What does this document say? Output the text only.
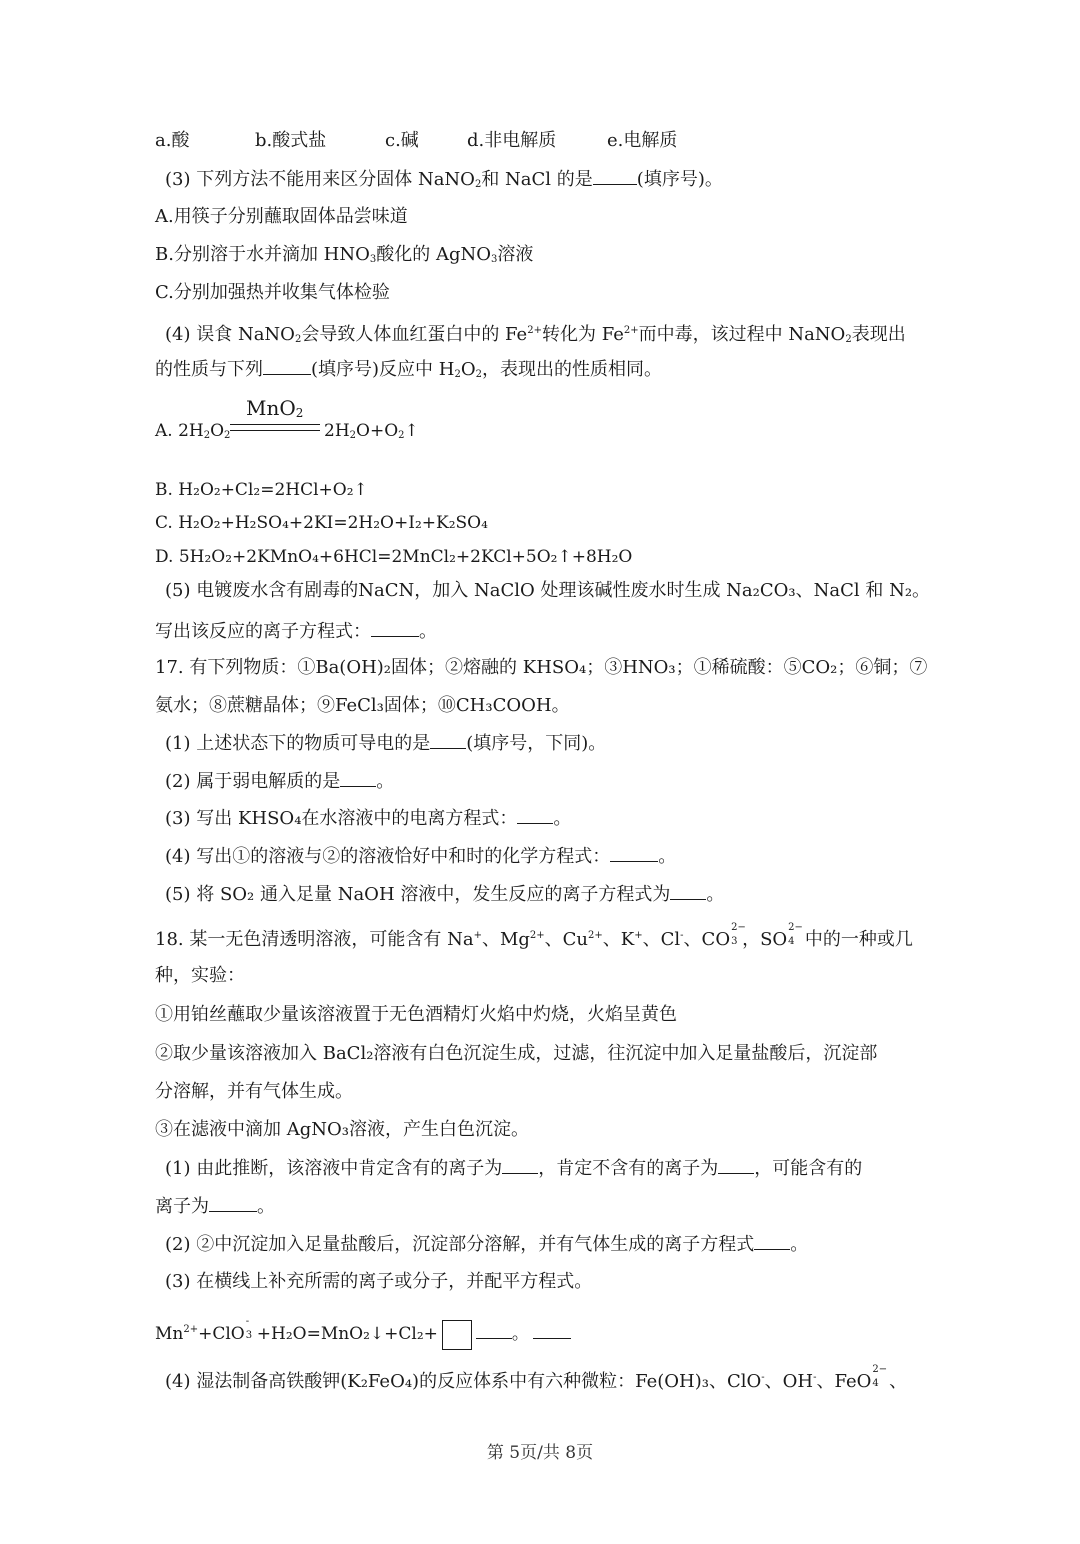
a.酸	b.酸式盐	c.碱	d.非电解质	e.电解质
(3) 下列方法不能用来区分固体 NaNO$_2$和 NaCl 的是 (填序号)。
A.用筷子分别蘸取固体品尝味道
B.分别溶于水并滴加 $HNO_3$酸化的 AgNO$_3$溶液
C.分别加强热并收集气体检验
(4) 误食 NaNO$_2$会导致人体血红蛋白中的 $Fe^{2+}$转化为 $Fe^{2+}$而中毒，该过程中 NaNO$_2$表现出
的性质与下列	(填序号)反应中 $H_2O_2$，表现出的性质相同。
MnO$_2$
A. $2H_2O_2$	$2H_2O+O_2↑$
B. H₂O₂+Cl₂=2HCl+O₂↑
C. H₂O₂+H₂SO₄+2KI=2H₂O+I₂+K₂SO₄
D. 5H₂O₂+2KMnO₄+6HCl=2MnCl₂+2KCl+5O₂↑+8H₂O
(5) 电镀废水含有剧毒的NaCN，加入 NaClO 处理该碱性废水时生成 Na₂CO₃、NaCl 和 N₂。
写出该反应的离子方程式：	。
17. 有下列物质：①Ba(OH)₂固体；②熔融的 KHSO₄；③HNO₃；①稀硫酸：⑤CO₂；⑥铜；⑦
氨水；⑧蔗糖晶体；⑨FeCl₃固体；⑩CH₃COOH。
(1) 上述状态下的物质可导电的是 (填序号，下同)。
(2) 属于弱电解质的是 。
(3) 写出 KHSO₄在水溶液中的电离方程式： 。
(4) 写出①的溶液与②的溶液恰好中和时的化学方程式：	。
(5) 将 SO₂ 通入足量 NaOH 溶液中，发生反应的离子方程式为 。
18. 某一无色清透明溶液，可能含有 Na+、$Mg^{2+}$、$Cu^{2+}$、K+、Cl-、CO
2−
3 ，SO
2−
4 中的一种或几
种，实验：
①用铂丝蘸取少量该溶液置于无色酒精灯火焰中灼烧，火焰呈黄色
②取少量该溶液加入 BaCl₂溶液有白色沉淀生成，过滤，往沉淀中加入足量盐酸后，沉淀部
分溶解，并有气体生成。
③在滤液中滴加 AgNO₃溶液，产生白色沉淀。
(1) 由此推断，该溶液中肯定含有的离子为 ，肯定不含有的离子为 ，可能含有的
离子为	。
(2) ②中沉淀加入足量盐酸后，沉淀部分溶解，并有气体生成的离子方程式 。
(3) 在横线上补充所需的离子或分子，并配平方程式。
$Mn^{2+}+ClO$
-
3 +H₂O=MnO₂↓+Cl₂+	。
(4) 湿法制备高铁酸钾(K₂FeO₄)的反应体系中有六种微粒：Fe(OH)₃、ClO-、OH-、FeO
2−
4 、
第 5页/共 8页
